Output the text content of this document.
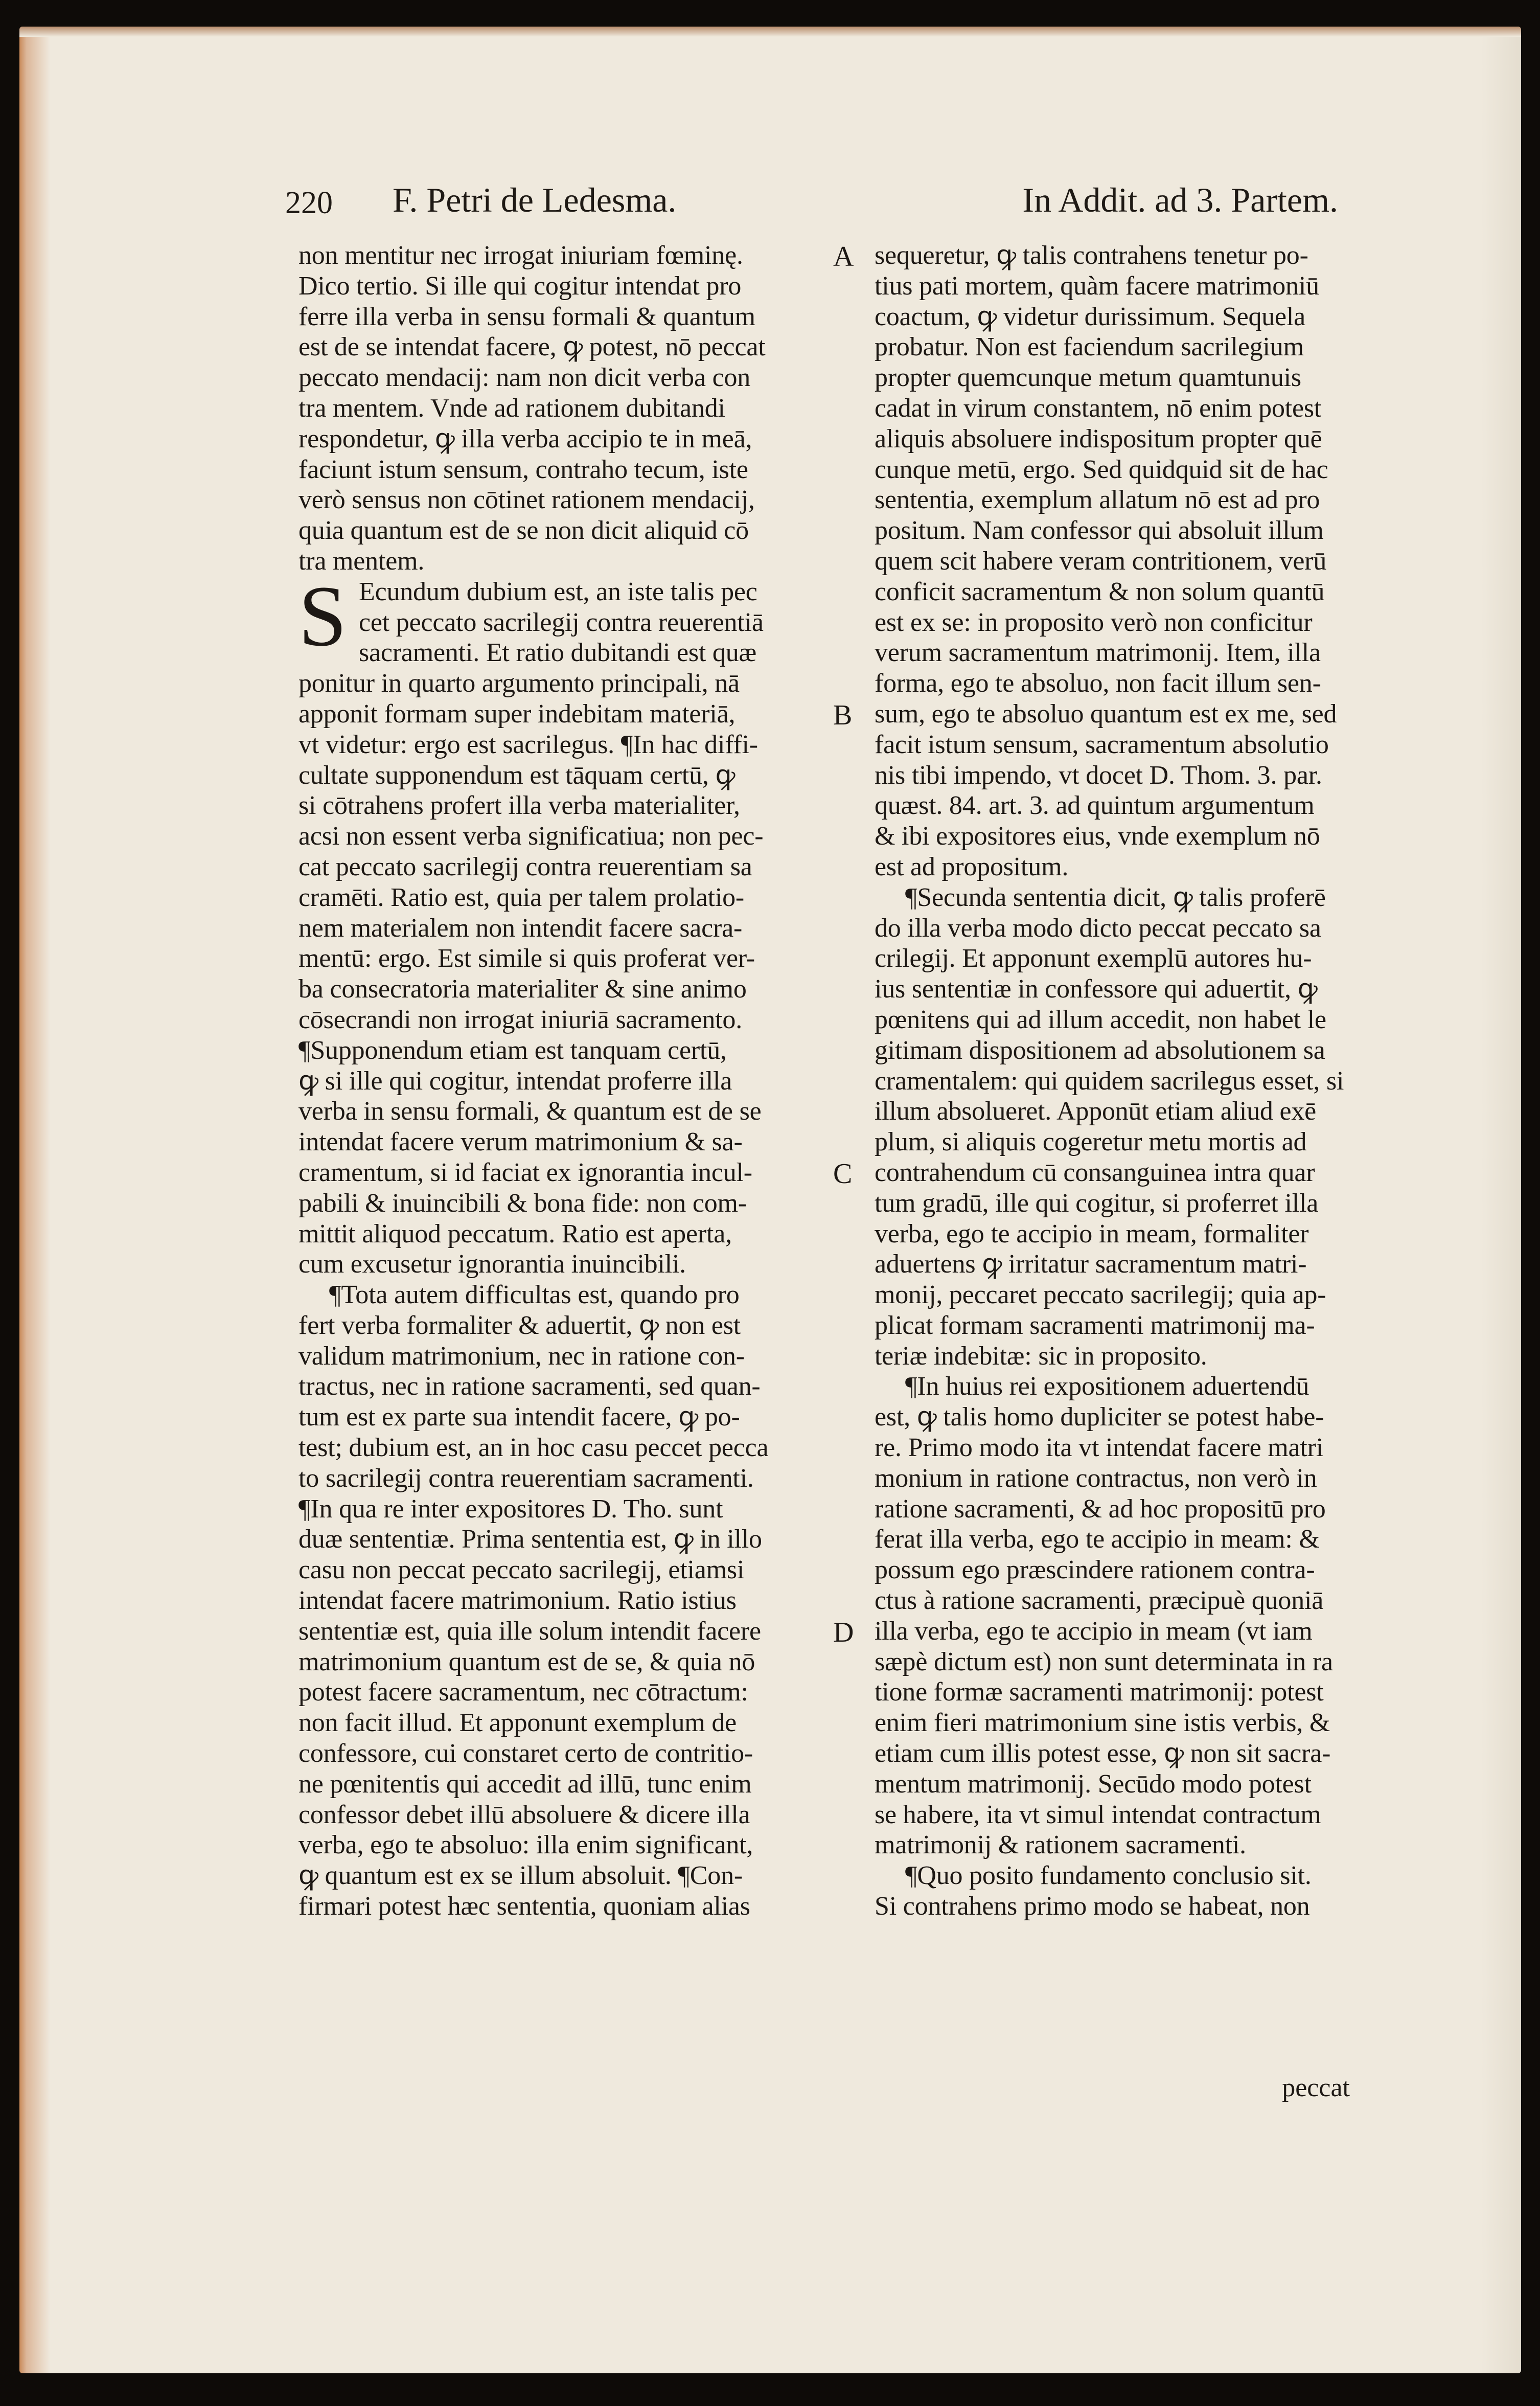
220 F. Petri de Ledesma.	In Addit. ad 3. Partem.
A
B
C
D
S
non mentitur nec irrogat iniuriam fœminę.
Dico tertio. Si ille qui cogitur intendat pro
ferre illa verba in sensu formali & quantum
est de se intendat facere, ꝙ potest, nō peccat
peccato mendacij: nam non dicit verba con
tra mentem. Vnde ad rationem dubitandi
respondetur, ꝙ illa verba accipio te in meā,
faciunt istum sensum, contraho tecum, iste
verò sensus non cōtinet rationem mendacij,
quia quantum est de se non dicit aliquid cō
tra mentem.
Ecundum dubium est, an iste talis pec
cet peccato sacrilegij contra reuerentiā
sacramenti. Et ratio dubitandi est quæ
ponitur in quarto argumento principali, nā
apponit formam super indebitam materiā,
vt videtur: ergo est sacrilegus. ¶In hac diffi-
cultate supponendum est tāquam certū, ꝙ
si cōtrahens profert illa verba materialiter,
acsi non essent verba significatiua; non pec-
cat peccato sacrilegij contra reuerentiam sa
cramēti. Ratio est, quia per talem prolatio-
nem materialem non intendit facere sacra-
mentū: ergo. Est simile si quis proferat ver-
ba consecratoria materialiter & sine animo
cōsecrandi non irrogat iniuriā sacramento.
¶Supponendum etiam est tanquam certū,
ꝙ si ille qui cogitur, intendat proferre illa
verba in sensu formali, & quantum est de se
intendat facere verum matrimonium & sa-
cramentum, si id faciat ex ignorantia incul-
pabili & inuincibili & bona fide: non com-
mittit aliquod peccatum. Ratio est aperta,
cum excusetur ignorantia inuincibili.
¶Tota autem difficultas est, quando pro
fert verba formaliter & aduertit, ꝙ non est
validum matrimonium, nec in ratione con-
tractus, nec in ratione sacramenti, sed quan-
tum est ex parte sua intendit facere, ꝙ po-
test; dubium est, an in hoc casu peccet pecca
to sacrilegij contra reuerentiam sacramenti.
¶In qua re inter expositores D. Tho. sunt
duæ sententiæ. Prima sententia est, ꝙ in illo
casu non peccat peccato sacrilegij, etiamsi
intendat facere matrimonium. Ratio istius
sententiæ est, quia ille solum intendit facere
matrimonium quantum est de se, & quia nō
potest facere sacramentum, nec cōtractum:
non facit illud. Et apponunt exemplum de
confessore, cui constaret certo de contritio-
ne pœnitentis qui accedit ad illū, tunc enim
confessor debet illū absoluere & dicere illa
verba, ego te absoluo: illa enim significant,
ꝙ quantum est ex se illum absoluit. ¶Con-
firmari potest hæc sententia, quoniam alias
sequeretur, ꝙ talis contrahens tenetur po-
tius pati mortem, quàm facere matrimoniū
coactum, ꝙ videtur durissimum. Sequela
probatur. Non est faciendum sacrilegium
propter quemcunque metum quamtunuis
cadat in virum constantem, nō enim potest
aliquis absoluere indispositum propter quē
cunque metū, ergo. Sed quidquid sit de hac
sententia, exemplum allatum nō est ad pro
positum. Nam confessor qui absoluit illum
quem scit habere veram contritionem, verū
conficit sacramentum & non solum quantū
est ex se: in proposito verò non conficitur
verum sacramentum matrimonij. Item, illa
forma, ego te absoluo, non facit illum sen-
sum, ego te absoluo quantum est ex me, sed
facit istum sensum, sacramentum absolutio
nis tibi impendo, vt docet D. Thom. 3. par.
quæst. 84. art. 3. ad quintum argumentum
& ibi expositores eius, vnde exemplum nō
est ad propositum.
¶Secunda sententia dicit, ꝙ talis proferē
do illa verba modo dicto peccat peccato sa
crilegij. Et apponunt exemplū autores hu-
ius sententiæ in confessore qui aduertit, ꝙ
pœnitens qui ad illum accedit, non habet le
gitimam dispositionem ad absolutionem sa
cramentalem: qui quidem sacrilegus esset, si
illum absolueret. Apponūt etiam aliud exē
plum, si aliquis cogeretur metu mortis ad
contrahendum cū consanguinea intra quar
tum gradū, ille qui cogitur, si proferret illa
verba, ego te accipio in meam, formaliter
aduertens ꝙ irritatur sacramentum matri-
monij, peccaret peccato sacrilegij; quia ap-
plicat formam sacramenti matrimonij ma-
teriæ indebitæ: sic in proposito.
¶In huius rei expositionem aduertendū
est, ꝙ talis homo dupliciter se potest habe-
re. Primo modo ita vt intendat facere matri
monium in ratione contractus, non verò in
ratione sacramenti, & ad hoc propositū pro
ferat illa verba, ego te accipio in meam: &
possum ego præscindere rationem contra-
ctus à ratione sacramenti, præcipuè quoniā
illa verba, ego te accipio in meam (vt iam
sæpè dictum est) non sunt determinata in ra
tione formæ sacramenti matrimonij: potest
enim fieri matrimonium sine istis verbis, &
etiam cum illis potest esse, ꝙ non sit sacra-
mentum matrimonij. Secūdo modo potest
se habere, ita vt simul intendat contractum
matrimonij & rationem sacramenti.
¶Quo posito fundamento conclusio sit.
Si contrahens primo modo se habeat, non
peccat
